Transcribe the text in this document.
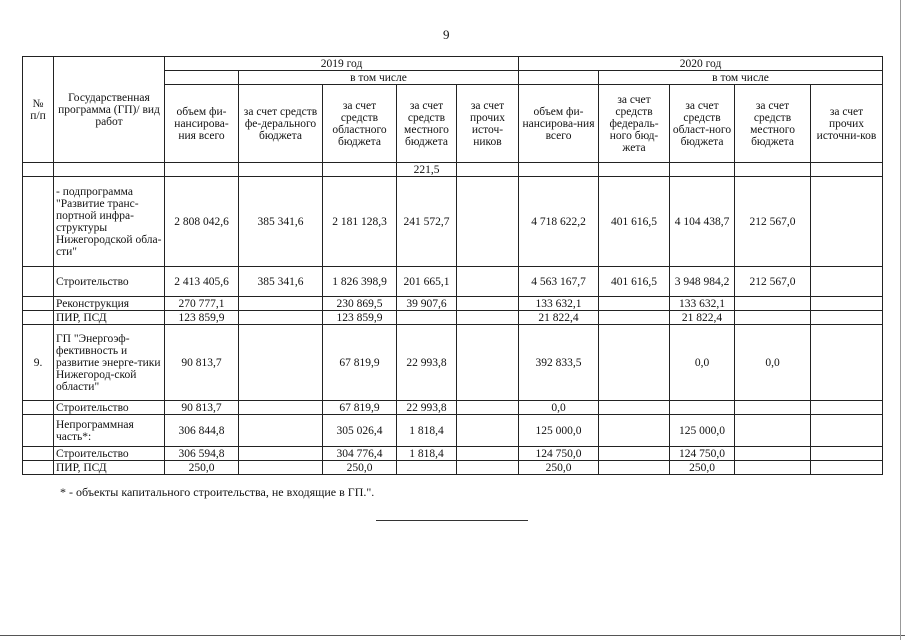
9
№
п/п	Государственная программа (ГП)/ вид работ	2019 год					2020 год				
			в том числе					в том числе			
		объем фи-нансирова-ния всего	за счет средств фе-дерального бюджета	за счет средств областного бюджета	за счет средств местного бюджета	за счет прочих источ-ников	объем фи-нансирова-ния всего	за счет средств федераль-ного бюд-жета	за счет средств област-ного бюджета	за счет средств местного бюджета	за счет прочих источни-ков
					221,5						
	- подпрограмма "Развитие транс-портной инфра-структуры Нижегородской обла-сти"	2 808 042,6	385 341,6	2 181 128,3	241 572,7		4 718 622,2	401 616,5	4 104 438,7	212 567,0	
	Строительство	2 413 405,6	385 341,6	1 826 398,9	201 665,1		4 563 167,7	401 616,5	3 948 984,2	212 567,0	
	Реконструкция	270 777,1		230 869,5	39 907,6		133 632,1		133 632,1		
	ПИР, ПСД	123 859,9		123 859,9			21 822,4		21 822,4		
9.	ГП "Энергоэф-фективность и развитие энерге-тики Нижегород-ской области"	90 813,7		67 819,9	22 993,8		392 833,5		0,0	0,0	
	Строительство	90 813,7		67 819,9	22 993,8		0,0				
	Непрограммная часть*:	306 844,8		305 026,4	1 818,4		125 000,0		125 000,0		
	Строительство	306 594,8		304 776,4	1 818,4		124 750,0		124 750,0		
	ПИР, ПСД	250,0		250,0			250,0		250,0		
* - объекты капитального строительства, не входящие в ГП.".
